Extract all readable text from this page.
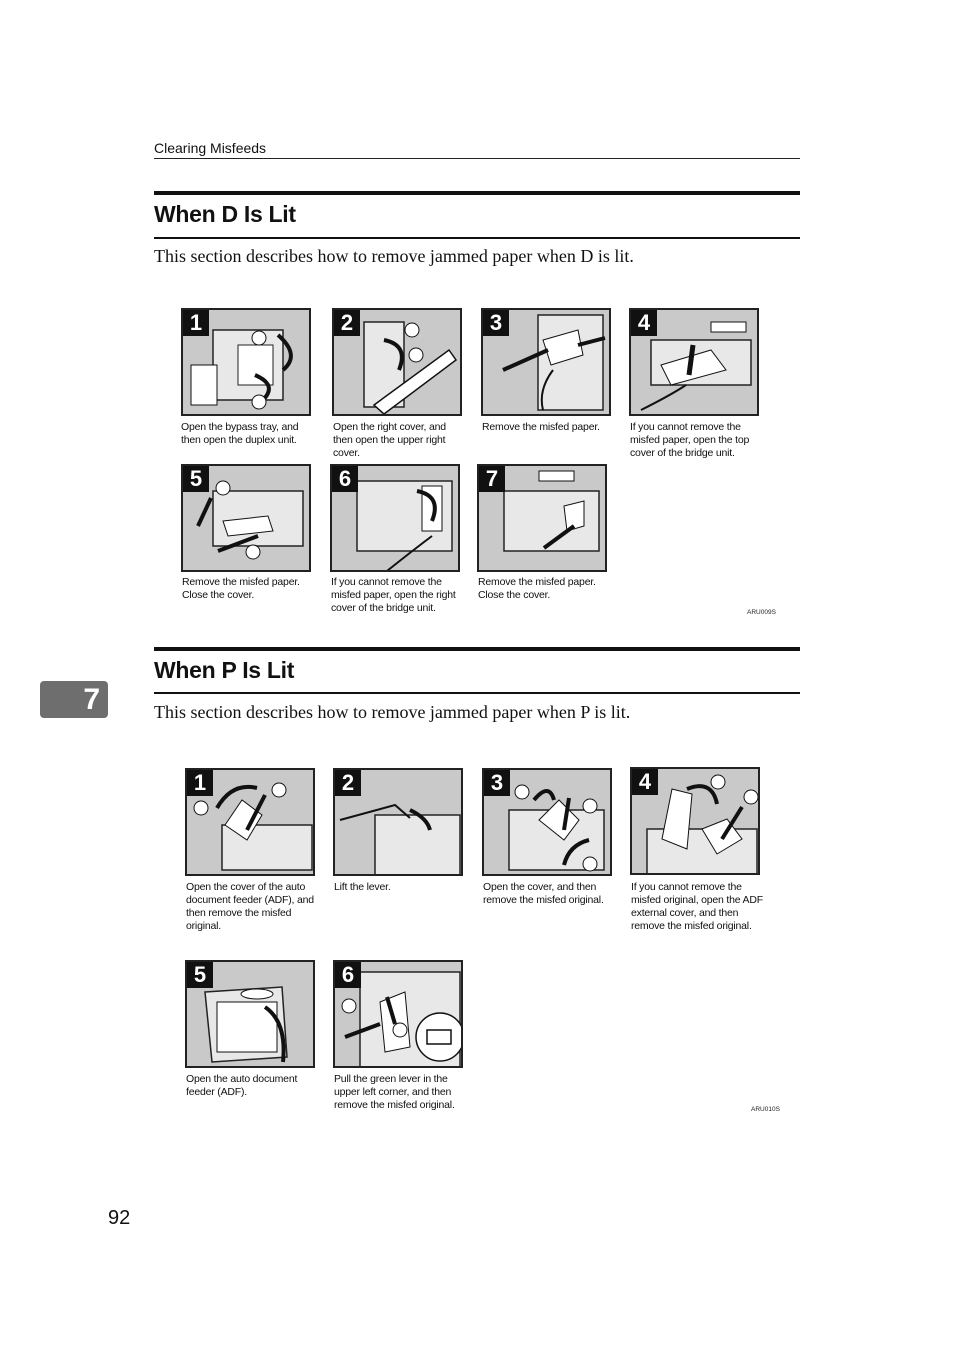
Clearing Misfeeds
When D Is Lit
This section describes how to remove jammed paper when D is lit.
1
Open the bypass tray, and then open the duplex unit.
2
Open the right cover, and then open the upper right cover.
3
Remove the misfed paper.
4
If you cannot remove the misfed paper, open the top cover of the bridge unit.
5
Remove the misfed paper. Close the cover.
6
If you cannot remove the misfed paper, open the right cover of the bridge unit.
7
Remove the misfed paper. Close the cover.
ARU009S
7
When P Is Lit
This section describes how to remove jammed paper when P is lit.
1
Open the cover of the auto document feeder (ADF), and then remove the misfed original.
2
Lift the lever.
3
Open the cover, and then remove the misfed original.
4
If you cannot remove the misfed original, open the ADF external cover, and then remove the misfed original.
5
Open the auto document feeder (ADF).
6
Pull the green lever in the upper left corner, and then remove the misfed original.	ARU010S
92
